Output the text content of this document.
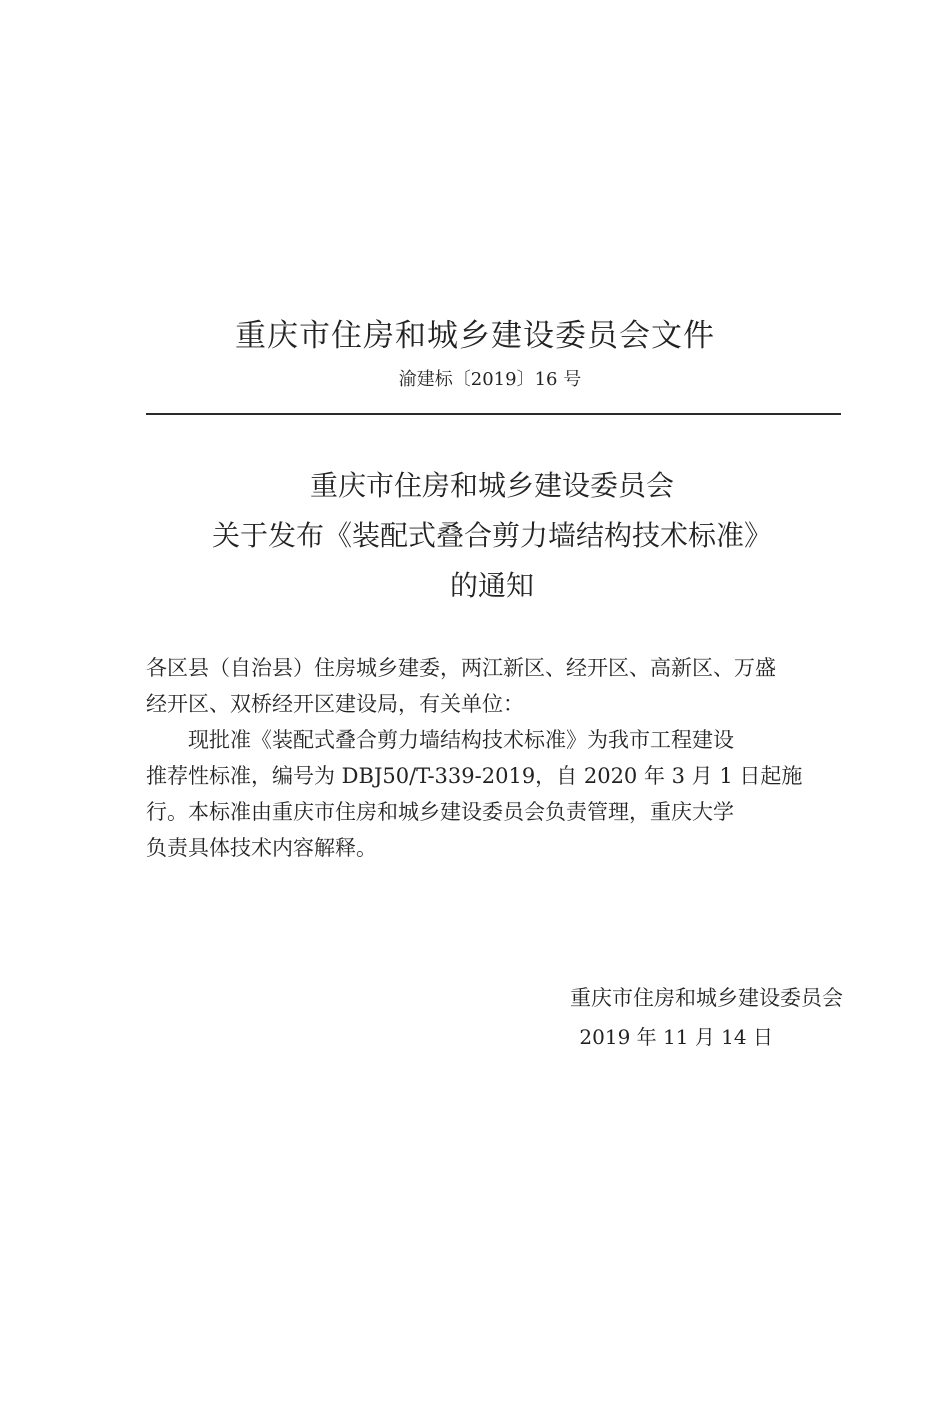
重庆市住房和城乡建设委员会文件
渝建标〔2019〕16 号
重庆市住房和城乡建设委员会
关于发布《装配式叠合剪力墙结构技术标准》
的通知
各区县（自治县）住房城乡建委，两江新区、经开区、高新区、万盛
经开区、双桥经开区建设局，有关单位：
现批准《装配式叠合剪力墙结构技术标准》为我市工程建设
推荐性标准，编号为 DBJ50/T-339-2019，自 2020 年 3 月 1 日起施
行。本标准由重庆市住房和城乡建设委员会负责管理，重庆大学
负责具体技术内容解释。
重庆市住房和城乡建设委员会
2019 年 11 月 14 日
